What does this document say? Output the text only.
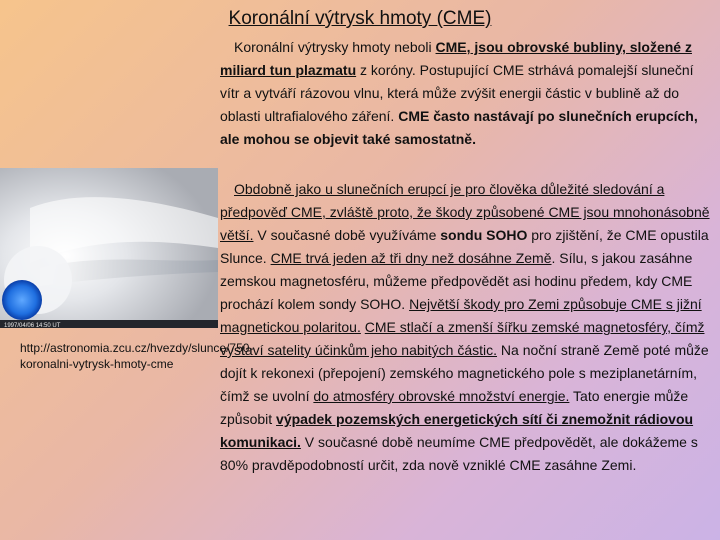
Koronální výtrysk hmoty (CME)
Koronální výtrysky hmoty neboli CME, jsou obrovské bubliny, složené z miliard tun plazmatu z koróny. Postupující CME strhává pomalejší sluneční vítr a vytváří rázovou vlnu, která může zvýšit energii částic v bublině až do oblasti ultrafialového záření. CME často nastávají po slunečních erupcích, ale mohou se objevit také samostatně.
1997/04/06 14:50 UT
http://astronomia.zcu.cz/hvezdy/slunce/750-koronalni-vytrysk-hmoty-cme
Obdobně jako u slunečních erupcí je pro člověka důležité sledování a předpověď CME, zvláště proto, že škody způsobené CME jsou mnohonásobně větší. V současné době využíváme sondu SOHO pro zjištění, že CME opustila Slunce. CME trvá jeden až tři dny než dosáhne Země. Sílu, s jakou zasáhne zemskou magnetosféru, můžeme předpovědět asi hodinu předem, kdy CME prochází kolem sondy SOHO. Největší škody pro Zemi způsobuje CME s jižní magnetickou polaritou. CME stlačí a zmenší šířku zemské magnetosféry, čímž vystaví satelity účinkům jeho nabitých částic. Na noční straně Země poté může dojít k rekonexi (přepojení) zemského magnetického pole s meziplanetárním, čímž se uvolní do atmosféry obrovské množství energie. Tato energie může způsobit výpadek pozemských energetických sítí či znemožnit rádiovou komunikaci. V současné době neumíme CME předpovědět, ale dokážeme s 80% pravděpodobností určit, zda nově vzniklé CME zasáhne Zemi.
